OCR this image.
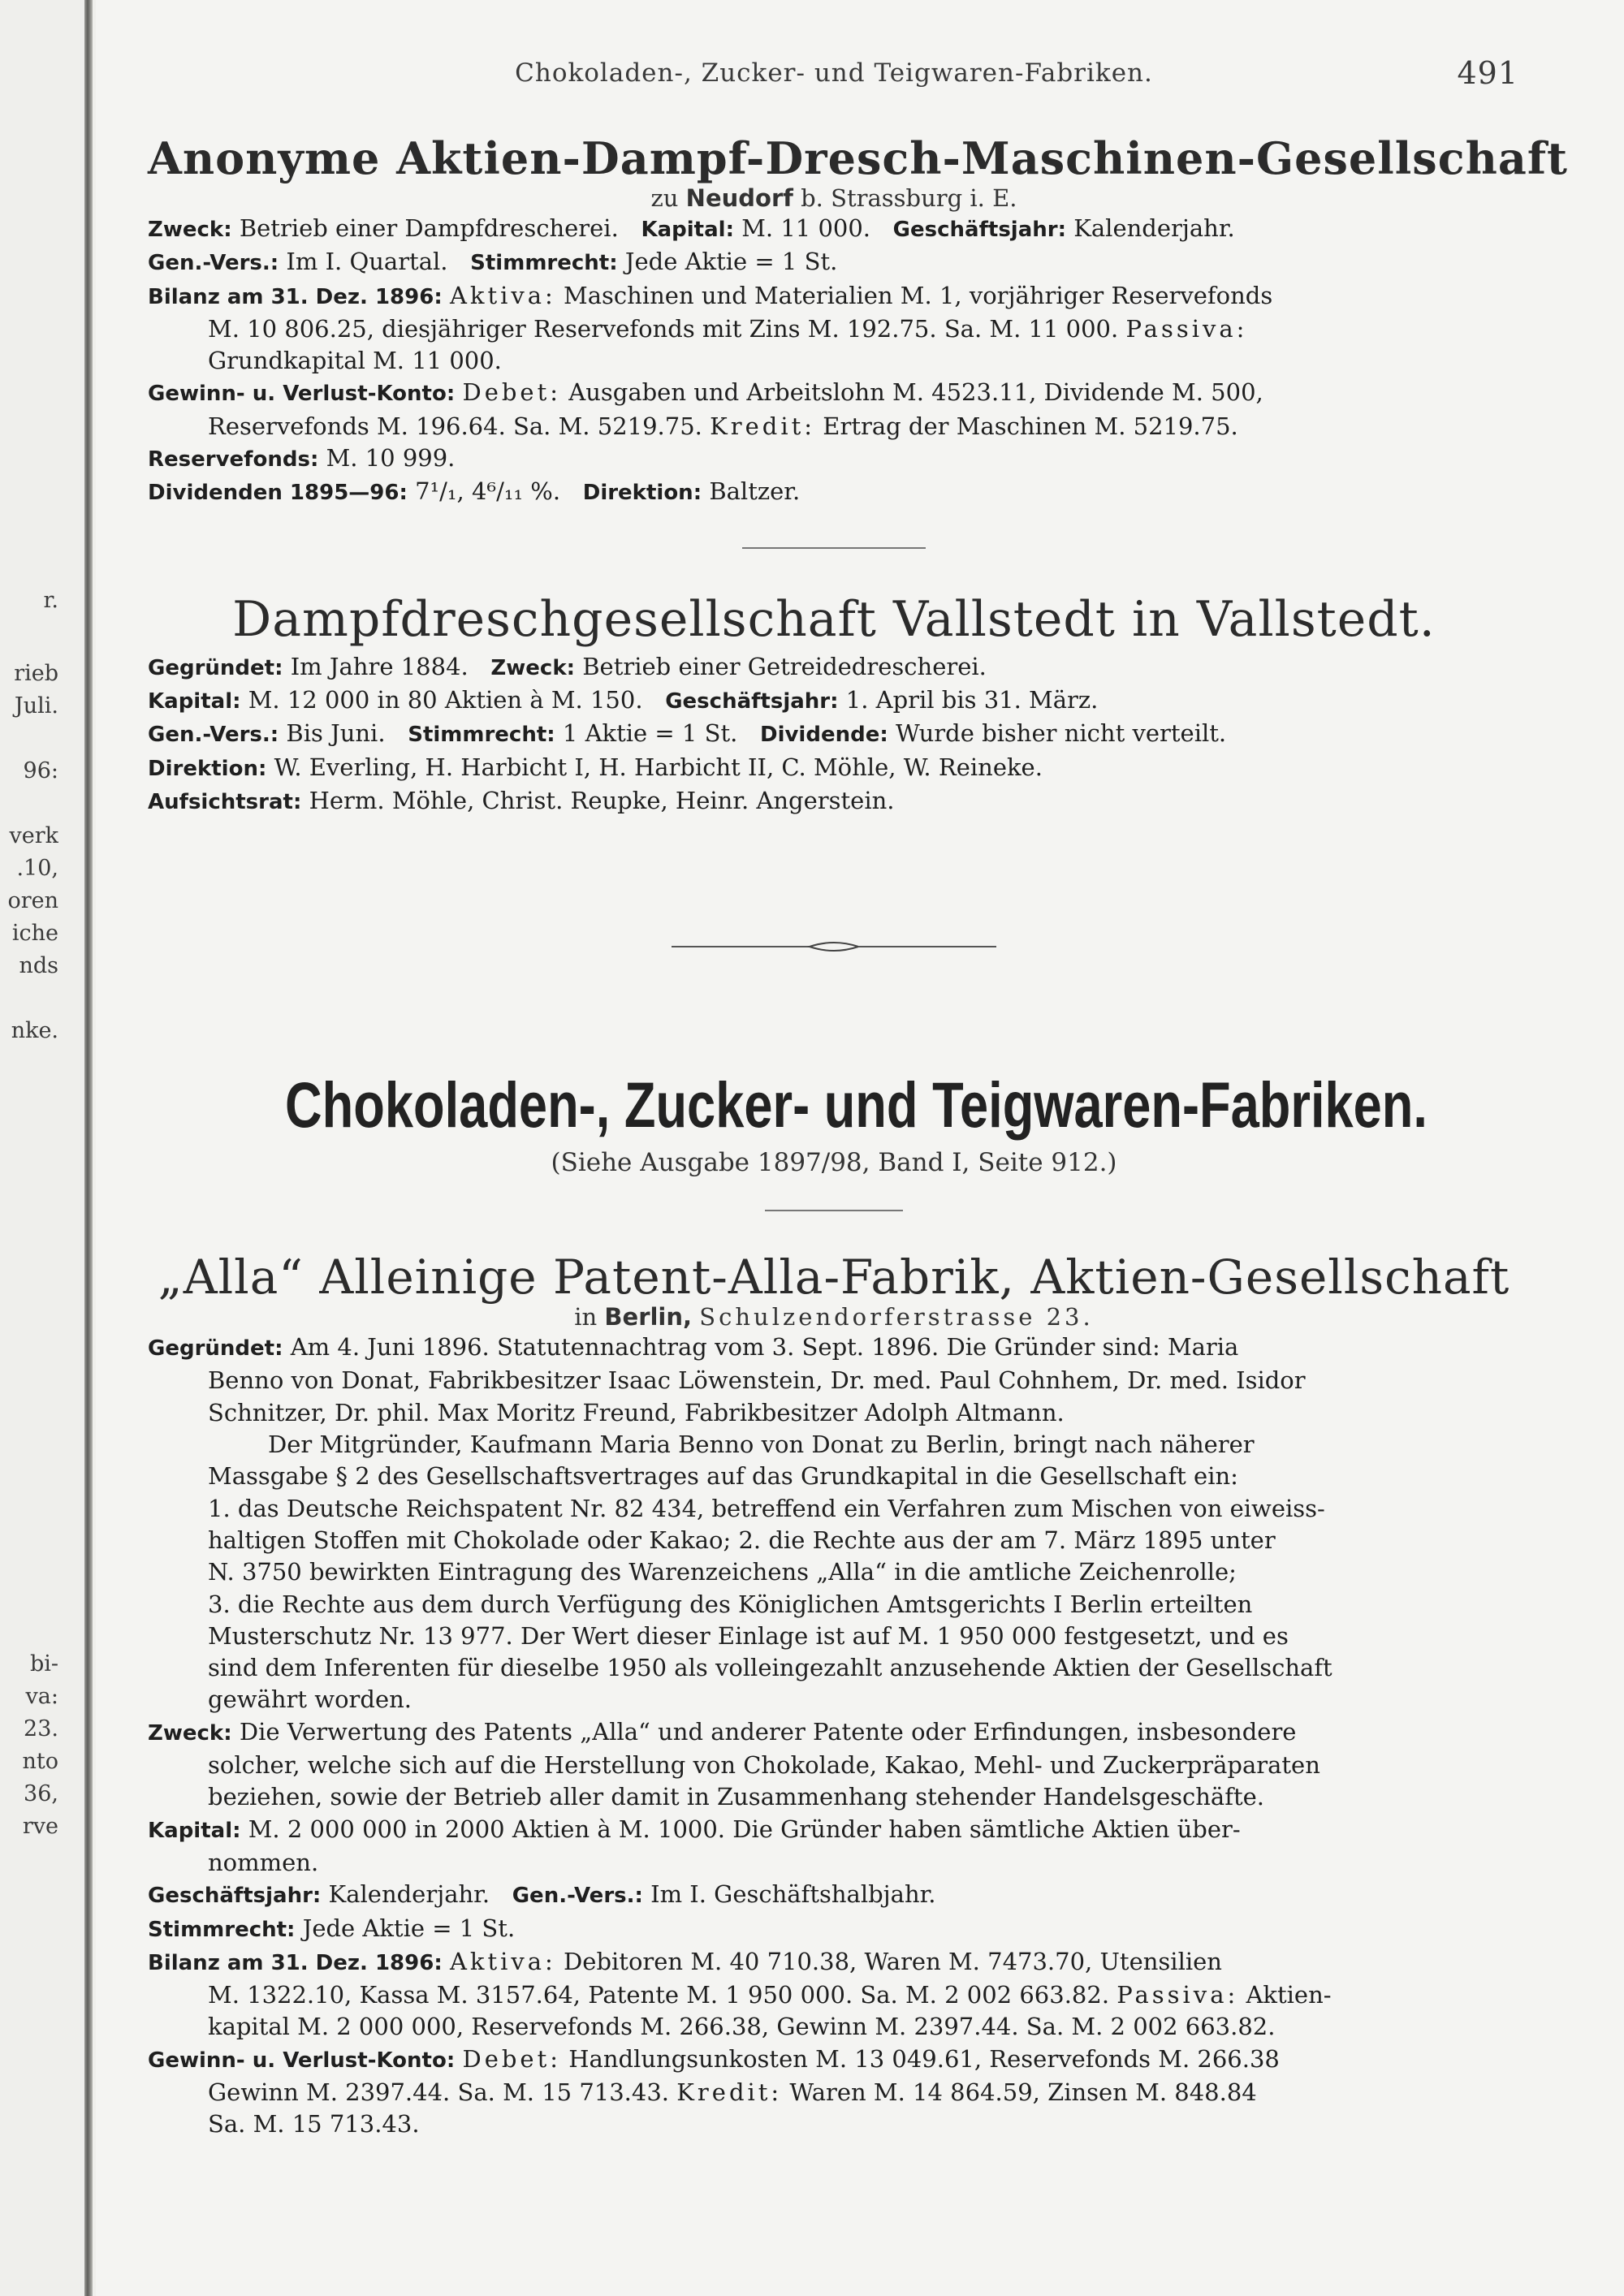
r.
rieb
Juli.
96:
verk
.10,
oren
iche
nds
nke.
bi-
va:
23.
nto
36,
rve
Chokoladen-, Zucker- und Teigwaren-Fabriken.	491
Anonyme Aktien-Dampf-Dresch-Maschinen-Gesellschaft
zu Neudorf b. Strassburg i. E.

Zweck: Betrieb einer Dampfdrescherei. Kapital: M. 11 000. Geschäftsjahr: Kalenderjahr.

Gen.-Vers.: Im I. Quartal. Stimmrecht: Jede Aktie = 1 St.

Bilanz am 31. Dez. 1896: Aktiva: Maschinen und Materialien M. 1, vorjähriger Reservefonds

M. 10 806.25, diesjähriger Reservefonds mit Zins M. 192.75. Sa. M. 11 000. Passiva:

Grundkapital M. 11 000.

Gewinn- u. Verlust-Konto: Debet: Ausgaben und Arbeitslohn M. 4523.11, Dividende M. 500,

Reservefonds M. 196.64. Sa. M. 5219.75. Kredit: Ertrag der Maschinen M. 5219.75.

Reservefonds: M. 10 999.

Dividenden 1895—96: 7¹/₁, 4⁶/₁₁ %. Direktion: Baltzer.

Dampfdreschgesellschaft Vallstedt in Vallstedt.

Gegründet: Im Jahre 1884. Zweck: Betrieb einer Getreidedrescherei.

Kapital: M. 12 000 in 80 Aktien à M. 150. Geschäftsjahr: 1. April bis 31. März.

Gen.-Vers.: Bis Juni. Stimmrecht: 1 Aktie = 1 St. Dividende: Wurde bisher nicht verteilt.

Direktion: W. Everling, H. Harbicht I, H. Harbicht II, C. Möhle, W. Reineke.

Aufsichtsrat: Herm. Möhle, Christ. Reupke, Heinr. Angerstein.

Chokoladen-, Zucker- und Teigwaren-Fabriken.
(Siehe Ausgabe 1897/98, Band I, Seite 912.)
„Alla“ Alleinige Patent-Alla-Fabrik, Aktien-Gesellschaft
in Berlin, Schulzendorferstrasse 23.

Gegründet: Am 4. Juni 1896. Statutennachtrag vom 3. Sept. 1896. Die Gründer sind: Maria

Benno von Donat, Fabrikbesitzer Isaac Löwenstein, Dr. med. Paul Cohnhem, Dr. med. Isidor

Schnitzer, Dr. phil. Max Moritz Freund, Fabrikbesitzer Adolph Altmann.

Der Mitgründer, Kaufmann Maria Benno von Donat zu Berlin, bringt nach näherer

Massgabe § 2 des Gesellschaftsvertrages auf das Grundkapital in die Gesellschaft ein:

1. das Deutsche Reichspatent Nr. 82 434, betreffend ein Verfahren zum Mischen von eiweiss-

haltigen Stoffen mit Chokolade oder Kakao; 2. die Rechte aus der am 7. März 1895 unter

N. 3750 bewirkten Eintragung des Warenzeichens „Alla“ in die amtliche Zeichenrolle;

3. die Rechte aus dem durch Verfügung des Königlichen Amtsgerichts I Berlin erteilten

Musterschutz Nr. 13 977. Der Wert dieser Einlage ist auf M. 1 950 000 festgesetzt, und es

sind dem Inferenten für dieselbe 1950 als volleingezahlt anzusehende Aktien der Gesellschaft

gewährt worden.

Zweck: Die Verwertung des Patents „Alla“ und anderer Patente oder Erfindungen, insbesondere

solcher, welche sich auf die Herstellung von Chokolade, Kakao, Mehl- und Zuckerpräparaten

beziehen, sowie der Betrieb aller damit in Zusammenhang stehender Handelsgeschäfte.

Kapital: M. 2 000 000 in 2000 Aktien à M. 1000. Die Gründer haben sämtliche Aktien über-

nommen.

Geschäftsjahr: Kalenderjahr. Gen.-Vers.: Im I. Geschäftshalbjahr.

Stimmrecht: Jede Aktie = 1 St.

Bilanz am 31. Dez. 1896: Aktiva: Debitoren M. 40 710.38, Waren M. 7473.70, Utensilien

M. 1322.10, Kassa M. 3157.64, Patente M. 1 950 000. Sa. M. 2 002 663.82. Passiva: Aktien-

kapital M. 2 000 000, Reservefonds M. 266.38, Gewinn M. 2397.44. Sa. M. 2 002 663.82.

Gewinn- u. Verlust-Konto: Debet: Handlungsunkosten M. 13 049.61, Reservefonds M. 266.38

Gewinn M. 2397.44. Sa. M. 15 713.43. Kredit: Waren M. 14 864.59, Zinsen M. 848.84

Sa. M. 15 713.43.
